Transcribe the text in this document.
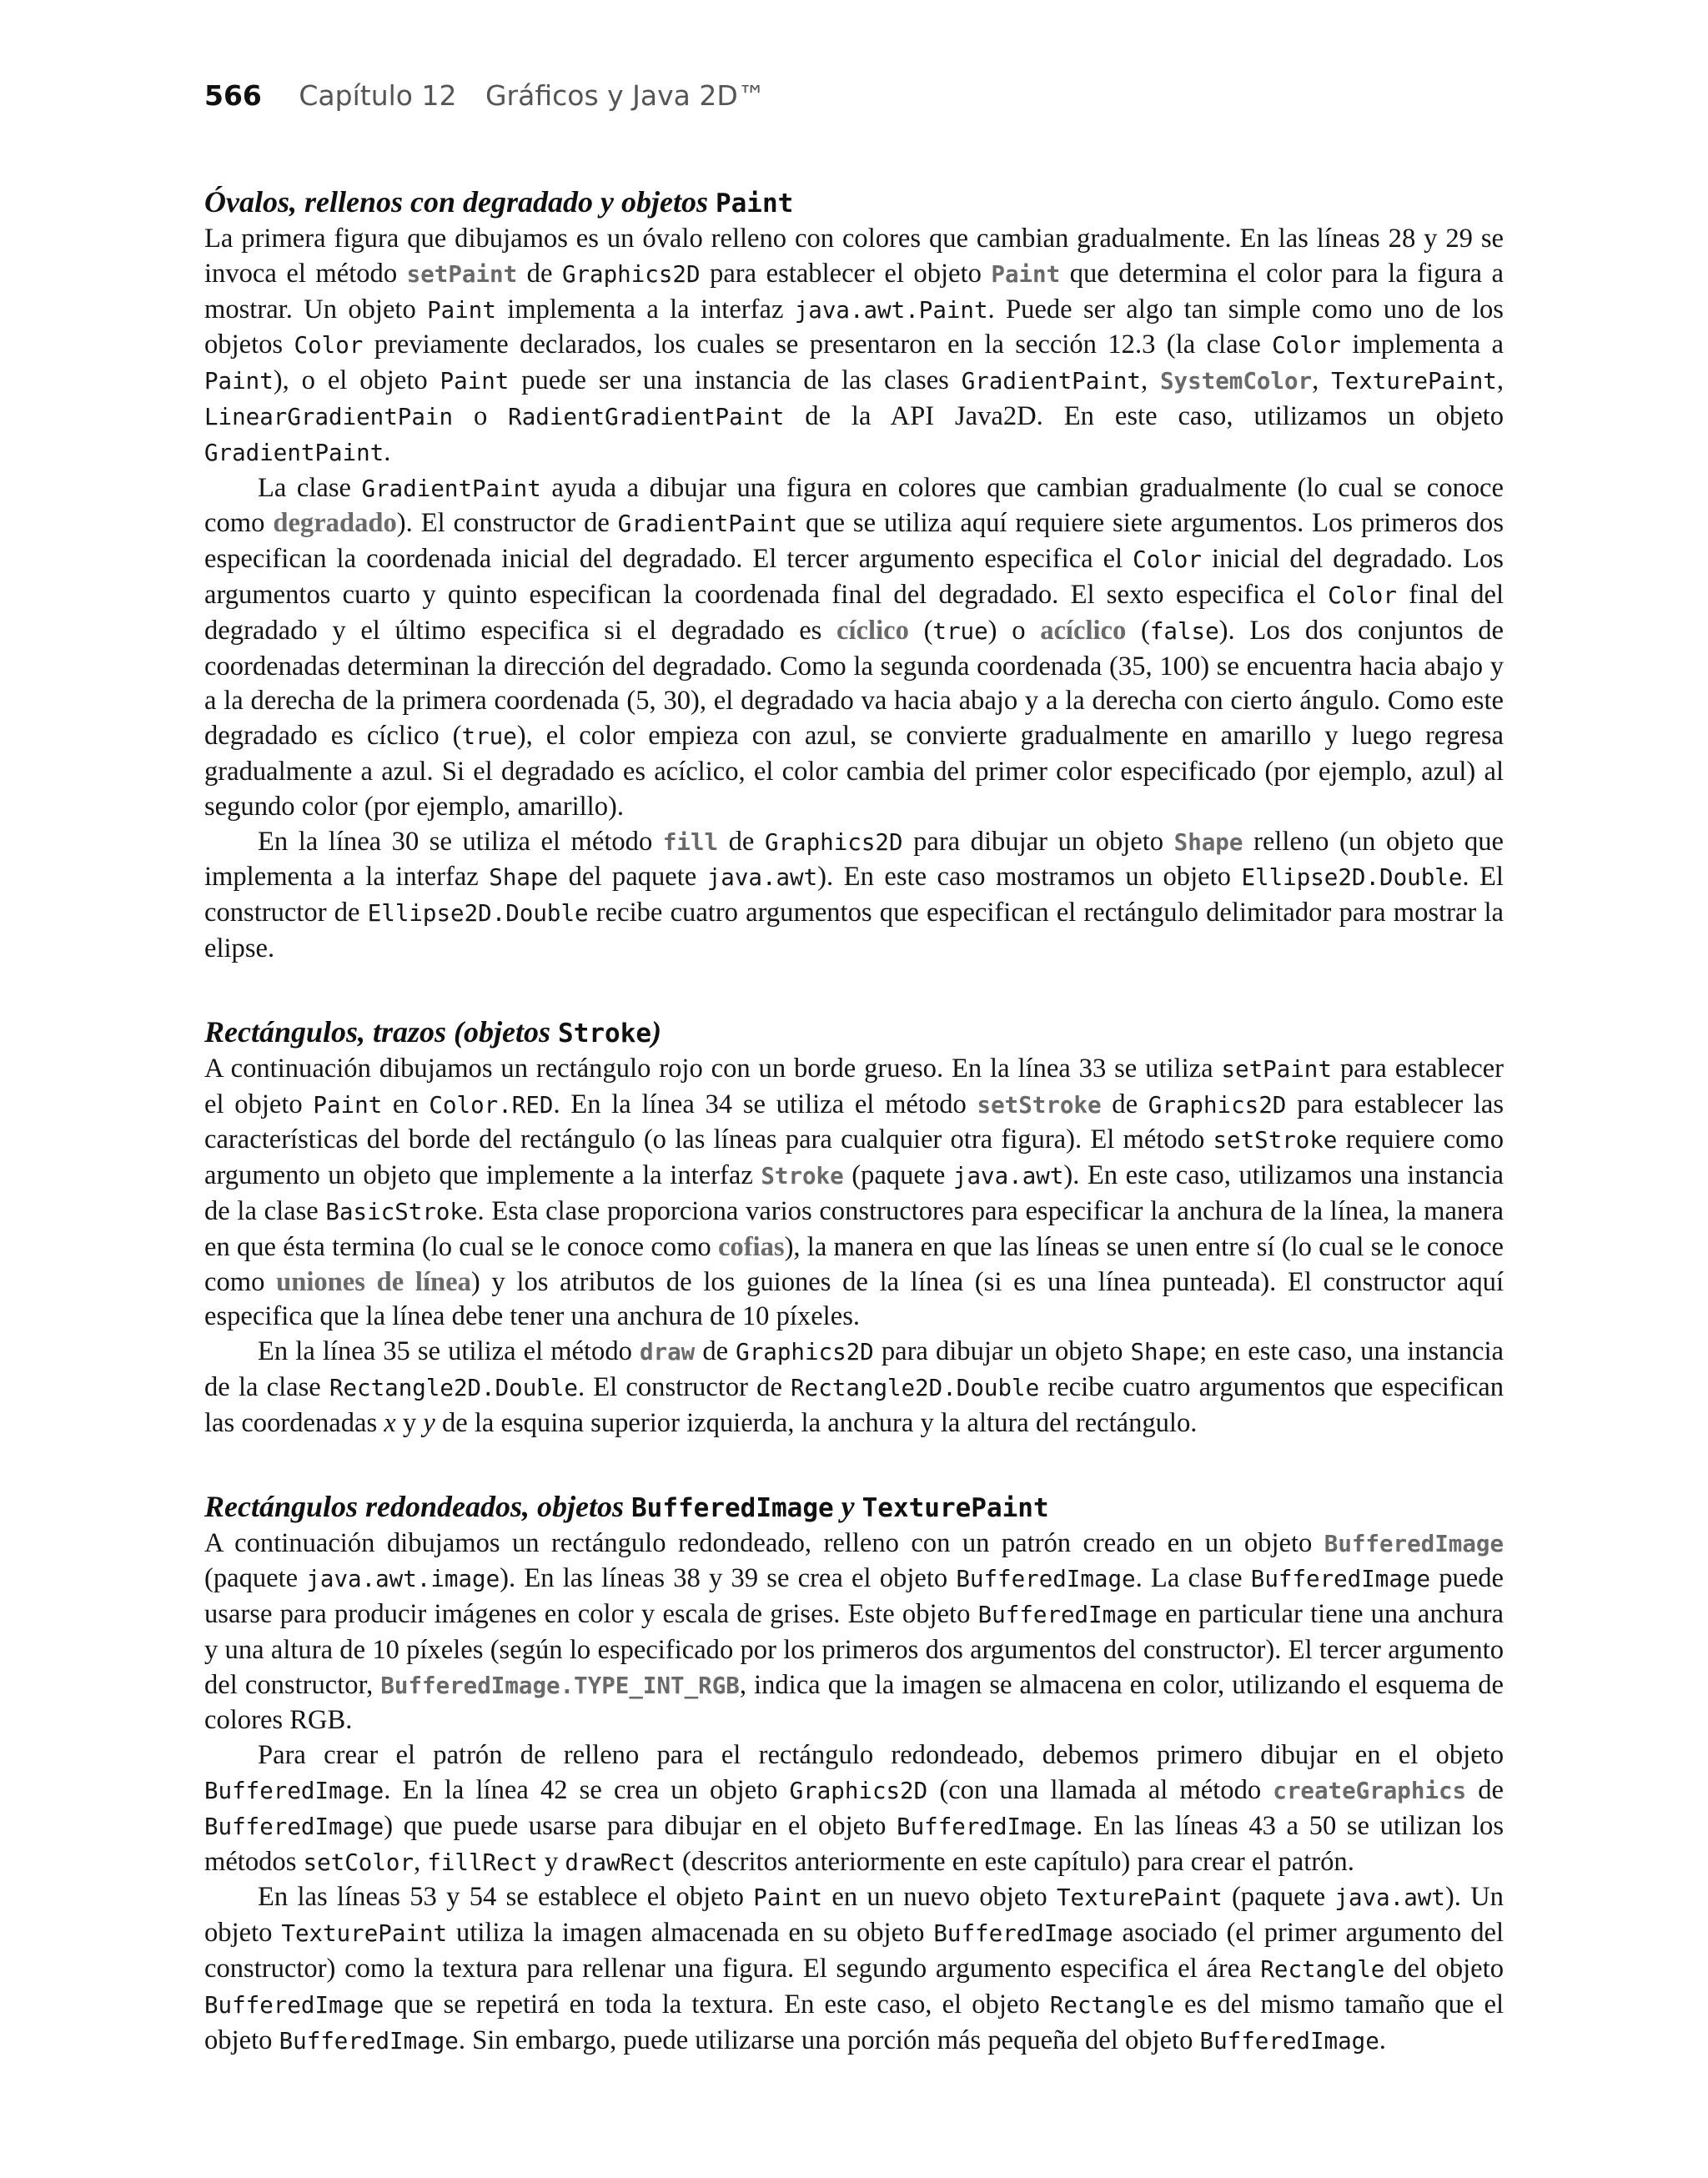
566 Capítulo 12 Gráficos y Java 2D™
Óvalos, rellenos con degradado y objetos Paint

La primera figura que dibujamos es un óvalo relleno con colores que cambian gradualmente. En las líneas 28 y 29 se invoca el método setPaint de Graphics2D para establecer el objeto Paint que determina el color para la figura a mostrar. Un objeto Paint implementa a la interfaz java.awt.Paint. Puede ser algo tan simple como uno de los objetos Color previamente declarados, los cuales se presentaron en la sección 12.3 (la clase Color implementa a Paint), o el objeto Paint puede ser una instancia de las clases GradientPaint, SystemColor, TexturePaint, LinearGradientPain o RadientGradientPaint de la API Java2D. En este caso, utilizamos un objeto GradientPaint.

La clase GradientPaint ayuda a dibujar una figura en colores que cambian gradualmente (lo cual se conoce como degradado). El constructor de GradientPaint que se utiliza aquí requiere siete argumentos. Los primeros dos especifican la coordenada inicial del degradado. El tercer argumento especifica el Color inicial del degradado. Los argumentos cuarto y quinto especifican la coordenada final del degradado. El sexto especifica el Color final del degradado y el último especifica si el degradado es cíclico (true) o acíclico (false). Los dos conjuntos de coordenadas determinan la dirección del degradado. Como la segunda coordenada (35, 100) se encuentra hacia abajo y a la derecha de la primera coordenada (5, 30), el degradado va hacia abajo y a la derecha con cierto ángulo. Como este degradado es cíclico (true), el color empieza con azul, se convierte gradualmente en amarillo y luego regresa gradualmente a azul. Si el degradado es acíclico, el color cambia del primer color especificado (por ejemplo, azul) al segundo color (por ejemplo, amarillo).

En la línea 30 se utiliza el método fill de Graphics2D para dibujar un objeto Shape relleno (un objeto que implementa a la interfaz Shape del paquete java.awt). En este caso mostramos un objeto Ellipse2D.Double. El constructor de Ellipse2D.Double recibe cuatro argumentos que especifican el rectángulo delimitador para mostrar la elipse.

Rectángulos, trazos (objetos Stroke)

A continuación dibujamos un rectángulo rojo con un borde grueso. En la línea 33 se utiliza setPaint para establecer el objeto Paint en Color.RED. En la línea 34 se utiliza el método setStroke de Graphics2D para establecer las características del borde del rectángulo (o las líneas para cualquier otra figura). El método setStroke requiere como argumento un objeto que implemente a la interfaz Stroke (paquete java.awt). En este caso, utilizamos una instancia de la clase BasicStroke. Esta clase proporciona varios constructores para especificar la anchura de la línea, la manera en que ésta termina (lo cual se le conoce como cofias), la manera en que las líneas se unen entre sí (lo cual se le conoce como uniones de línea) y los atributos de los guiones de la línea (si es una línea punteada). El constructor aquí especifica que la línea debe tener una anchura de 10 píxeles.

En la línea 35 se utiliza el método draw de Graphics2D para dibujar un objeto Shape; en este caso, una instancia de la clase Rectangle2D.Double. El constructor de Rectangle2D.Double recibe cuatro argumentos que especifican las coordenadas x y y de la esquina superior izquierda, la anchura y la altura del rectángulo.

Rectángulos redondeados, objetos BufferedImage y TexturePaint

A continuación dibujamos un rectángulo redondeado, relleno con un patrón creado en un objeto BufferedImage (paquete java.awt.image). En las líneas 38 y 39 se crea el objeto BufferedImage. La clase BufferedImage puede usarse para producir imágenes en color y escala de grises. Este objeto BufferedImage en particular tiene una anchura y una altura de 10 píxeles (según lo especificado por los primeros dos argumentos del constructor). El tercer argumento del constructor, BufferedImage.TYPE_INT_RGB, indica que la imagen se almacena en color, utilizando el esquema de colores RGB.

Para crear el patrón de relleno para el rectángulo redondeado, debemos primero dibujar en el objeto BufferedImage. En la línea 42 se crea un objeto Graphics2D (con una llamada al método createGraphics de BufferedImage) que puede usarse para dibujar en el objeto BufferedImage. En las líneas 43 a 50 se utilizan los métodos setColor, fillRect y drawRect (descritos anteriormente en este capítulo) para crear el patrón.

En las líneas 53 y 54 se establece el objeto Paint en un nuevo objeto TexturePaint (paquete java.awt). Un objeto TexturePaint utiliza la imagen almacenada en su objeto BufferedImage asociado (el primer argumento del constructor) como la textura para rellenar una figura. El segundo argumento especifica el área Rectangle del objeto BufferedImage que se repetirá en toda la textura. En este caso, el objeto Rectangle es del mismo tamaño que el objeto BufferedImage. Sin embargo, puede utilizarse una porción más pequeña del objeto BufferedImage.
